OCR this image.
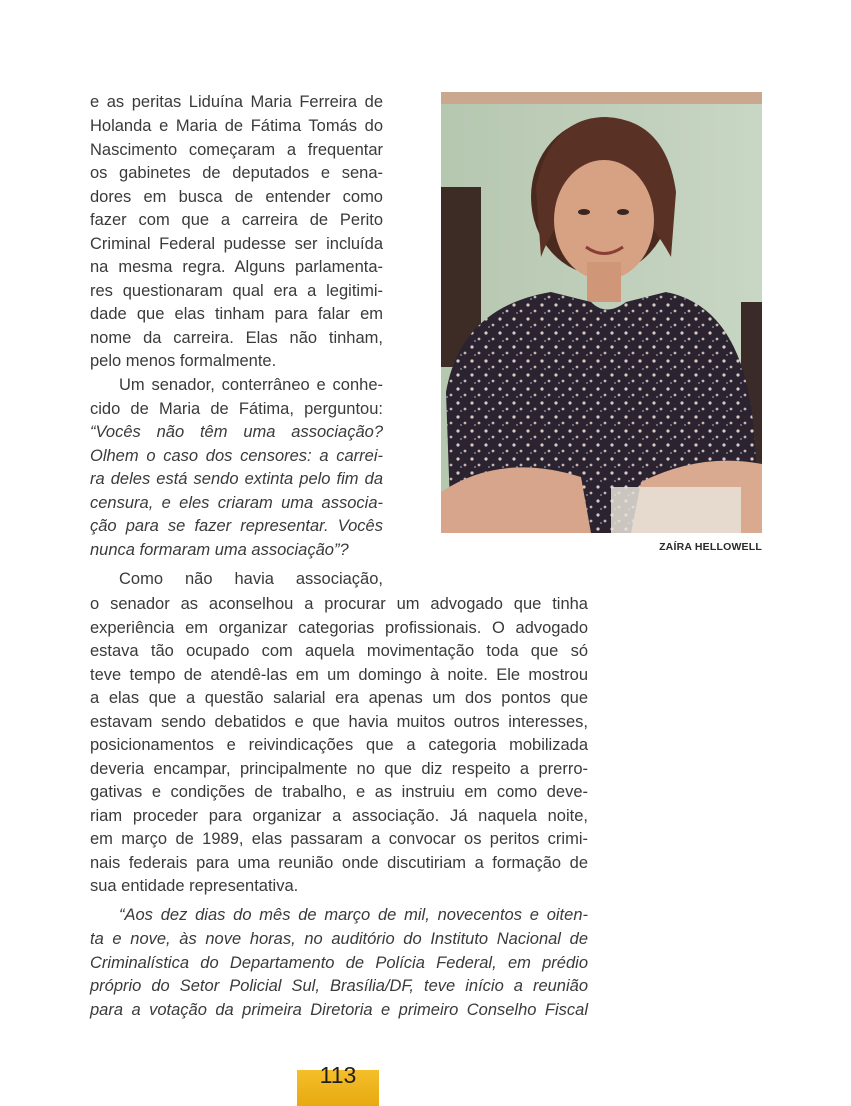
e as peritas Liduína Maria Ferreira de
Holanda e Maria de Fátima Tomás do
Nascimento começaram a frequentar
os gabinetes de deputados e sena-
dores em busca de entender como
fazer com que a carreira de Perito
Criminal Federal pudesse ser incluída
na mesma regra. Alguns parlamenta-
res questionaram qual era a legitimi-
dade que elas tinham para falar em
nome da carreira. Elas não tinham,
pelo menos formalmente.
Um senador, conterrâneo e conhe-
cido de Maria de Fátima, perguntou:
“Vocês não têm uma associação?
Olhem o caso dos censores: a carrei-
ra deles está sendo extinta pelo fim da
censura, e eles criaram uma associa-
ção para se fazer representar. Vocês
nunca formaram uma associação”?
Como não havia associação,
o senador as aconselhou a procurar um advogado que tinha
experiência em organizar categorias profissionais. O advogado
estava tão ocupado com aquela movimentação toda que só
teve tempo de atendê-las em um domingo à noite. Ele mostrou
a elas que a questão salarial era apenas um dos pontos que
estavam sendo debatidos e que havia muitos outros interesses,
posicionamentos e reivindicações que a categoria mobilizada
deveria encampar, principalmente no que diz respeito a prerro-
gativas e condições de trabalho, e as instruiu em como deve-
riam proceder para organizar a associação. Já naquela noite,
em março de 1989, elas passaram a convocar os peritos crimi-
nais federais para uma reunião onde discutiriam a formação de
sua entidade representativa.
“Aos dez dias do mês de março de mil, novecentos e oiten-
ta e nove, às nove horas, no auditório do Instituto Nacional de
Criminalística do Departamento de Polícia Federal, em prédio
próprio do Setor Policial Sul, Brasília/DF, teve início a reunião
para a votação da primeira Diretoria e primeiro Conselho Fiscal
ZAÍRA HELLOWELL
113
